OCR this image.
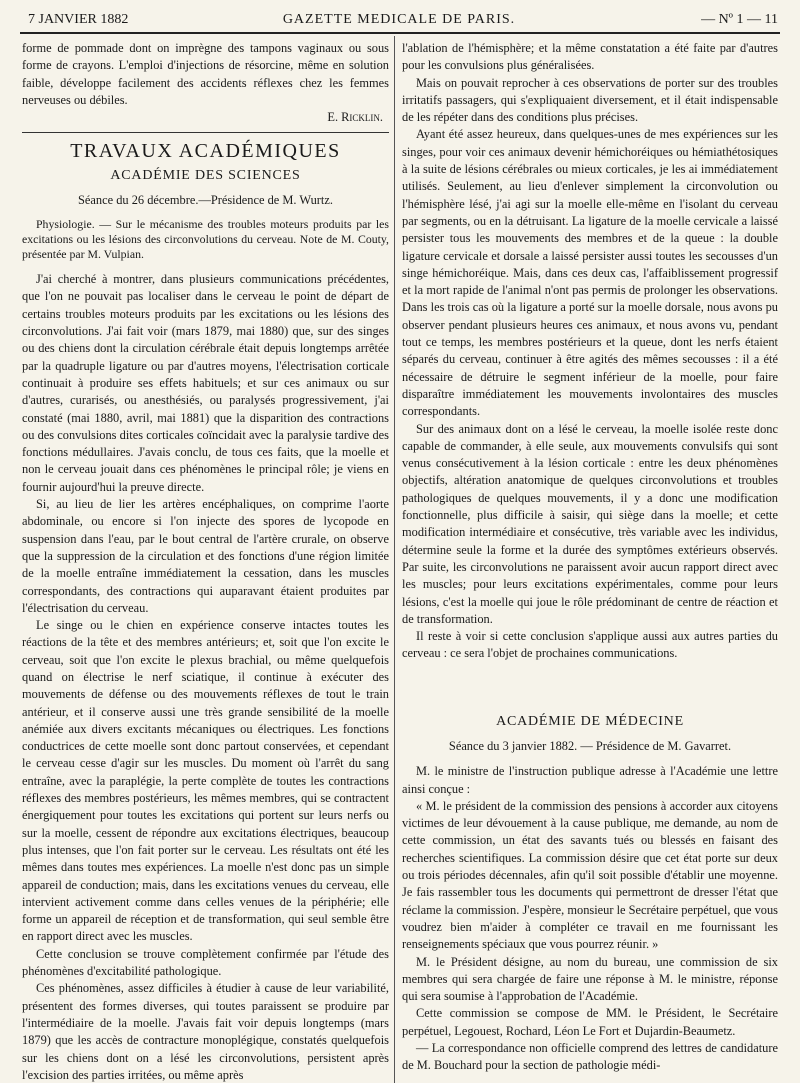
7 JANVIER 1882	GAZETTE MEDICALE DE PARIS.	— Nº 1 — 11

forme de pommade dont on imprègne des tampons vaginaux ou sous forme de crayons. L'emploi d'injections de résorcine, même en solution faible, développe facilement des accidents réflexes chez les femmes nerveuses ou débiles.

E. Ricklin.
TRAVAUX ACADÉMIQUES
ACADÉMIE DES SCIENCES
Séance du 26 décembre.—Présidence de M. Wurtz.

Physiologie. — Sur le mécanisme des troubles moteurs produits par les excitations ou les lésions des circonvolutions du cerveau. Note de M. Couty, présentée par M. Vulpian.

J'ai cherché à montrer, dans plusieurs communications précédentes, que l'on ne pouvait pas localiser dans le cerveau le point de départ de certains troubles moteurs produits par les excitations ou les lésions des circonvolutions. J'ai fait voir (mars 1879, mai 1880) que, sur des singes ou des chiens dont la circulation cérébrale était depuis longtemps arrêtée par la quadruple ligature ou par d'autres moyens, l'électrisation corticale continuait à produire ses effets habituels; et sur ces animaux ou sur d'autres, curarisés, ou anesthésiés, ou paralysés progressivement, j'ai constaté (mai 1880, avril, mai 1881) que la disparition des contractions ou des convulsions dites corticales coïncidait avec la paralysie tardive des fonctions médullaires. J'avais conclu, de tous ces faits, que la moelle et non le cerveau jouait dans ces phénomènes le principal rôle; je viens en fournir aujourd'hui la preuve directe.

Si, au lieu de lier les artères encéphaliques, on comprime l'aorte abdominale, ou encore si l'on injecte des spores de lycopode en suspension dans l'eau, par le bout central de l'artère crurale, on observe que la suppression de la circulation et des fonctions d'une région limitée de la moelle entraîne immédiatement la cessation, dans les muscles correspondants, des contractions qui auparavant étaient produites par l'électrisation du cerveau.

Le singe ou le chien en expérience conserve intactes toutes les réactions de la tête et des membres antérieurs; et, soit que l'on excite le cerveau, soit que l'on excite le plexus brachial, ou même quelquefois quand on électrise le nerf sciatique, il continue à exécuter des mouvements de défense ou des mouvements réflexes de tout le train antérieur, et il conserve aussi une très grande sensibilité de la moelle anémiée aux divers excitants mécaniques ou électriques. Les fonctions conductrices de cette moelle sont donc partout conservées, et cependant le cerveau cesse d'agir sur les muscles. Du moment où l'arrêt du sang entraîne, avec la paraplégie, la perte complète de toutes les contractions réflexes des membres postérieurs, les mêmes membres, qui se contractent énergiquement pour toutes les excitations qui portent sur leurs nerfs ou sur la moelle, cessent de répondre aux excitations électriques, beaucoup plus intenses, que l'on fait porter sur le cerveau. Les résultats ont été les mêmes dans toutes mes expériences. La moelle n'est donc pas un simple appareil de conduction; mais, dans les excitations venues du cerveau, elle intervient activement comme dans celles venues de la périphérie; elle forme un appareil de réception et de transformation, qui seul semble être en rapport direct avec les muscles.

Cette conclusion se trouve complètement confirmée par l'étude des phénomènes d'excitabilité pathologique.

Ces phénomènes, assez difficiles à étudier à cause de leur variabilité, présentent des formes diverses, qui toutes paraissent se produire par l'intermédiaire de la moelle. J'avais fait voir depuis longtemps (mars 1879) que les accès de contracture monoplégique, constatés quelquefois sur les chiens dont on a lésé les circonvolutions, persistent après l'excision des parties irritées, ou même après

l'ablation de l'hémisphère; et la même constatation a été faite par d'autres pour les convulsions plus généralisées.

Mais on pouvait reprocher à ces observations de porter sur des troubles irritatifs passagers, qui s'expliquaient diversement, et il était indispensable de les répéter dans des conditions plus précises.

Ayant été assez heureux, dans quelques-unes de mes expériences sur les singes, pour voir ces animaux devenir hémichoréiques ou hémiathétosiques à la suite de lésions cérébrales ou mieux corticales, je les ai immédiatement utilisés. Seulement, au lieu d'enlever simplement la circonvolution ou l'hémisphère lésé, j'ai agi sur la moelle elle-même en l'isolant du cerveau par segments, ou en la détruisant. La ligature de la moelle cervicale a laissé persister tous les mouvements des membres et de la queue : la double ligature cervicale et dorsale a laissé persister aussi toutes les secousses d'un singe hémichoréique. Mais, dans ces deux cas, l'affaiblissement progressif et la mort rapide de l'animal n'ont pas permis de prolonger les observations. Dans les trois cas où la ligature a porté sur la moelle dorsale, nous avons pu observer pendant plusieurs heures ces animaux, et nous avons vu, pendant tout ce temps, les membres postérieurs et la queue, dont les nerfs étaient séparés du cerveau, continuer à être agités des mêmes secousses : il a été nécessaire de détruire le segment inférieur de la moelle, pour faire disparaître immédiatement les mouvements involontaires des muscles correspondants.

Sur des animaux dont on a lésé le cerveau, la moelle isolée reste donc capable de commander, à elle seule, aux mouvements convulsifs qui sont venus consécutivement à la lésion corticale : entre les deux phénomènes objectifs, altération anatomique de quelques circonvolutions et troubles pathologiques de quelques mouvements, il y a donc une modification fonctionnelle, plus difficile à saisir, qui siège dans la moelle; et cette modification intermédiaire et consécutive, très variable avec les individus, détermine seule la forme et la durée des symptômes extérieurs observés. Par suite, les circonvolutions ne paraissent avoir aucun rapport direct avec les muscles; pour leurs excitations expérimentales, comme pour leurs lésions, c'est la moelle qui joue le rôle prédominant de centre de réaction et de transformation.

Il reste à voir si cette conclusion s'applique aussi aux autres parties du cerveau : ce sera l'objet de prochaines communications.

ACADÉMIE DE MÉDECINE
Séance du 3 janvier 1882. — Présidence de M. Gavarret.

M. le ministre de l'instruction publique adresse à l'Académie une lettre ainsi conçue :

« M. le président de la commission des pensions à accorder aux citoyens victimes de leur dévouement à la cause publique, me demande, au nom de cette commission, un état des savants tués ou blessés en faisant des recherches scientifiques. La commission désire que cet état porte sur deux ou trois périodes décennales, afin qu'il soit possible d'établir une moyenne. Je fais rassembler tous les documents qui permettront de dresser l'état que réclame la commission. J'espère, monsieur le Secrétaire perpétuel, que vous voudrez bien m'aider à compléter ce travail en me fournissant les renseignements spéciaux que vous pourrez réunir. »

M. le Président désigne, au nom du bureau, une commission de six membres qui sera chargée de faire une réponse à M. le ministre, réponse qui sera soumise à l'approbation de l'Académie.

Cette commission se compose de MM. le Président, le Secrétaire perpétuel, Legouest, Rochard, Léon Le Fort et Dujardin-Beaumetz.

— La correspondance non officielle comprend des lettres de candidature de M. Bouchard pour la section de pathologie médi-
